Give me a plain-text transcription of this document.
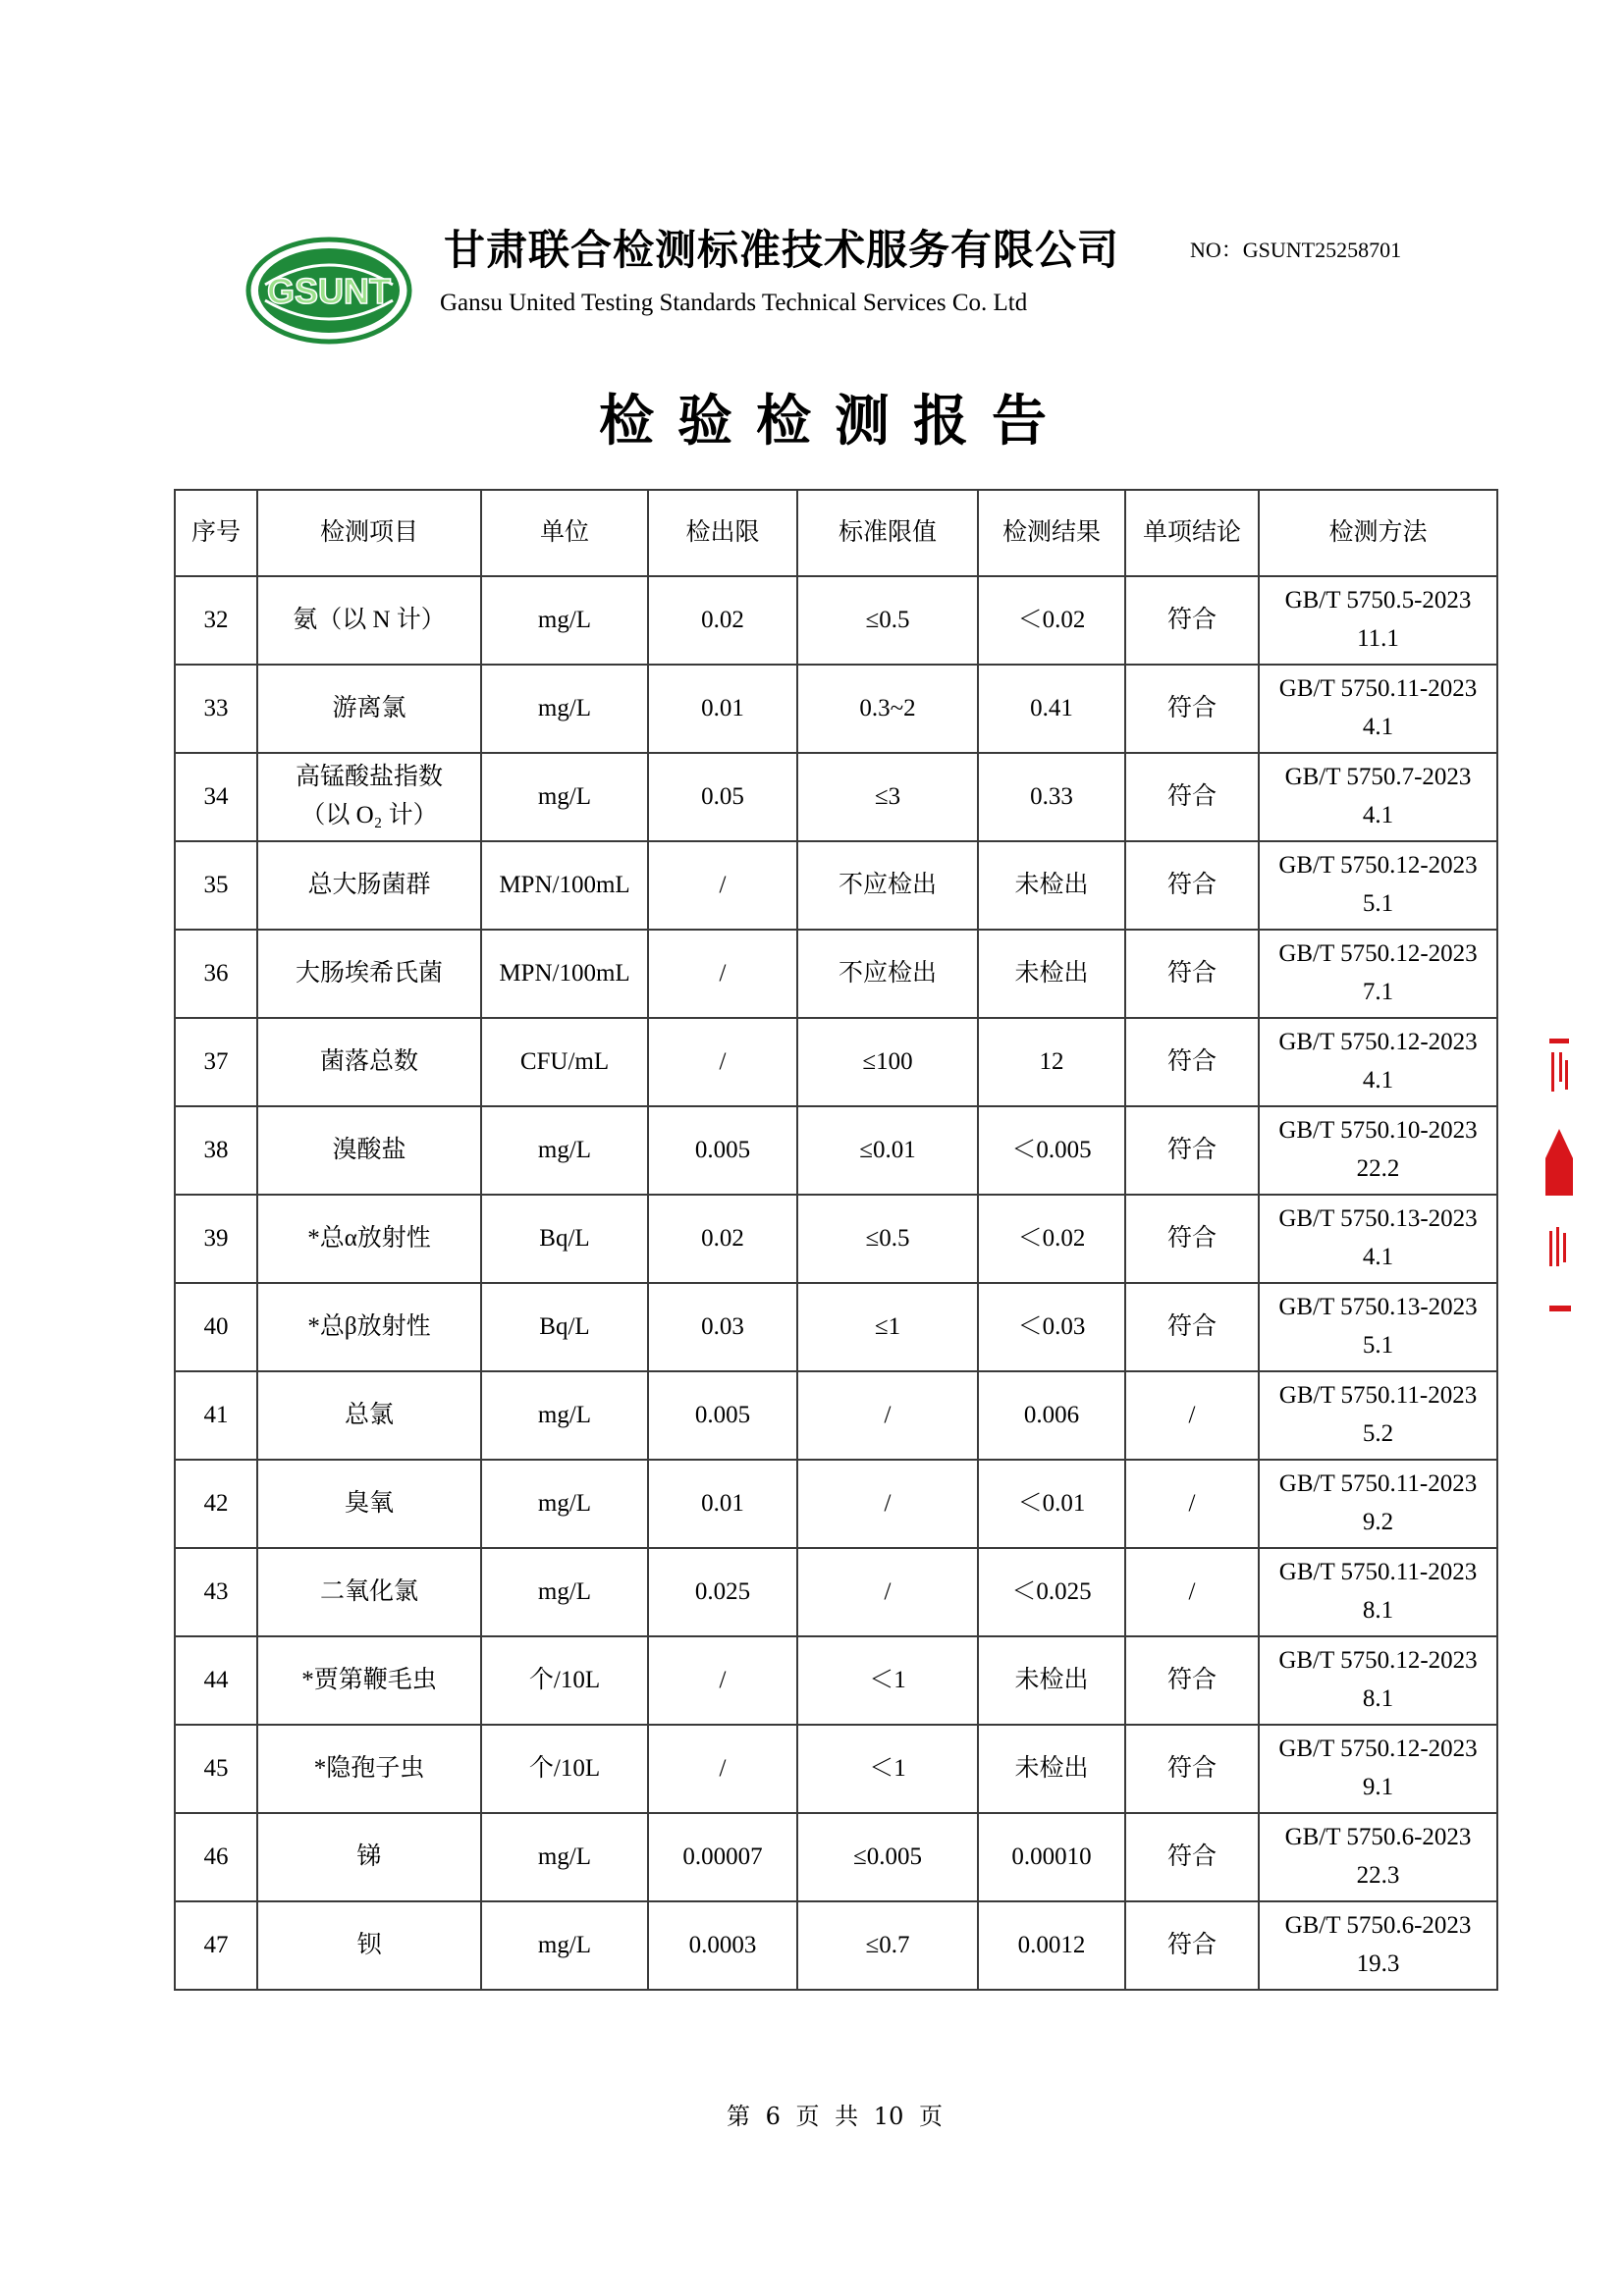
GSUNT
甘肃联合检测标准技术服务有限公司
Gansu United Testing Standards Technical Services Co. Ltd
NO：GSUNT25258701
检验检测报告
序号	检测项目	单位	检出限	标准限值	检测结果	单项结论	检测方法
32	氨（以 N 计）	mg/L	0.02	≤0.5	＜0.02	符合	GB/T 5750.5-2023
11.1
33	游离氯	mg/L	0.01	0.3~2	0.41	符合	GB/T 5750.11-2023
4.1
34	高锰酸盐指数
（以 O₂ 计）	mg/L	0.05	≤3	0.33	符合	GB/T 5750.7-2023
4.1
35	总大肠菌群	MPN/100mL	/	不应检出	未检出	符合	GB/T 5750.12-2023
5.1
36	大肠埃希氏菌	MPN/100mL	/	不应检出	未检出	符合	GB/T 5750.12-2023
7.1
37	菌落总数	CFU/mL	/	≤100	12	符合	GB/T 5750.12-2023
4.1
38	溴酸盐	mg/L	0.005	≤0.01	＜0.005	符合	GB/T 5750.10-2023
22.2
39	*总α放射性	Bq/L	0.02	≤0.5	＜0.02	符合	GB/T 5750.13-2023
4.1
40	*总β放射性	Bq/L	0.03	≤1	＜0.03	符合	GB/T 5750.13-2023
5.1
41	总氯	mg/L	0.005	/	0.006	/	GB/T 5750.11-2023
5.2
42	臭氧	mg/L	0.01	/	＜0.01	/	GB/T 5750.11-2023
9.2
43	二氧化氯	mg/L	0.025	/	＜0.025	/	GB/T 5750.11-2023
8.1
44	*贾第鞭毛虫	个/10L	/	＜1	未检出	符合	GB/T 5750.12-2023
8.1
45	*隐孢子虫	个/10L	/	＜1	未检出	符合	GB/T 5750.12-2023
9.1
46	锑	mg/L	0.00007	≤0.005	0.00010	符合	GB/T 5750.6-2023
22.3
47	钡	mg/L	0.0003	≤0.7	0.0012	符合	GB/T 5750.6-2023
19.3
第 6 页 共 10 页
